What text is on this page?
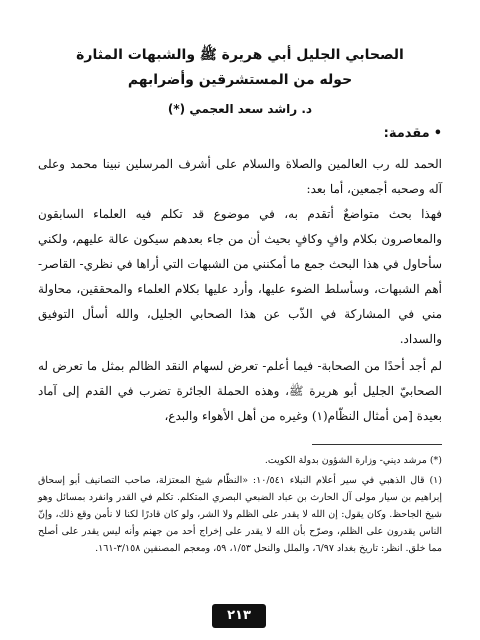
الصحابي الجليل أبي هريرة ﷺ والشبهات المثارة
حوله من المستشرقين وأضرابهم
د. راشد سعد العجمي (*)
•مقدمة:

الحمد لله رب العالمين والصلاة والسلام على أشرف المرسلين نبينا محمد وعلى آله وصحبه أجمعين، أما بعد:

فهذا بحث متواضعٌ أتقدم به، في موضوع قد تكلم فيه العلماء السابقون والمعاصرون بكلام وافٍ وكافٍ بحيث أن من جاء بعدهم سيكون عالة عليهم، ولكني سأحاول في هذا البحث جمع ما أمكنني من الشبهات التي أراها في نظري- القاصر- أهم الشبهات، وسأسلط الضوء عليها، وأرد عليها بكلام العلماء والمحققين، محاولة مني في المشاركة في الذّب عن هذا الصحابي الجليل، والله أسأل التوفيق والسداد.

لم أجد أحدًا من الصحابة- فيما أعلم- تعرض لسهام النقد الظالم بمثل ما تعرض له الصحابيّ الجليل أبو هريرة ﷺ، وهذه الحملة الجائرة تضرب في القدم إلى آماد بعيدة [من أمثال النظّام(١) وغيره من أهل الأهواء والبدع،

(*) مرشد ديني- وزارة الشؤون بدولة الكويت.

(١) قال الذهبي في سير أعلام النبلاء ١٠/٥٤١: «النظّام شيخ المعتزلة، صاحب التصانيف أبو إسحاق إبراهيم بن سيار مولى آل الحارث بن عباد الضبعي البصري المتكلم. تكلم في القدر وانفرد بمسائل وهو شيخ الجاحظ. وكان يقول: إن الله لا يقدر على الظلم ولا الشر، ولو كان قادرًا لكنا لا نأمن وقع ذلك، وإنّ الناس يقدرون على الظلم، وصرّح بأن الله لا يقدر على إخراج أحد من جهنم وأنه ليس يقدر على أصلح مما خلق. انظر: تاريخ بغداد ٦/٩٧، والملل والنحل ١/٥٣، ٥٩، ومعجم المصنفين ٣/١٥٨-١٦١.

٢١٣
